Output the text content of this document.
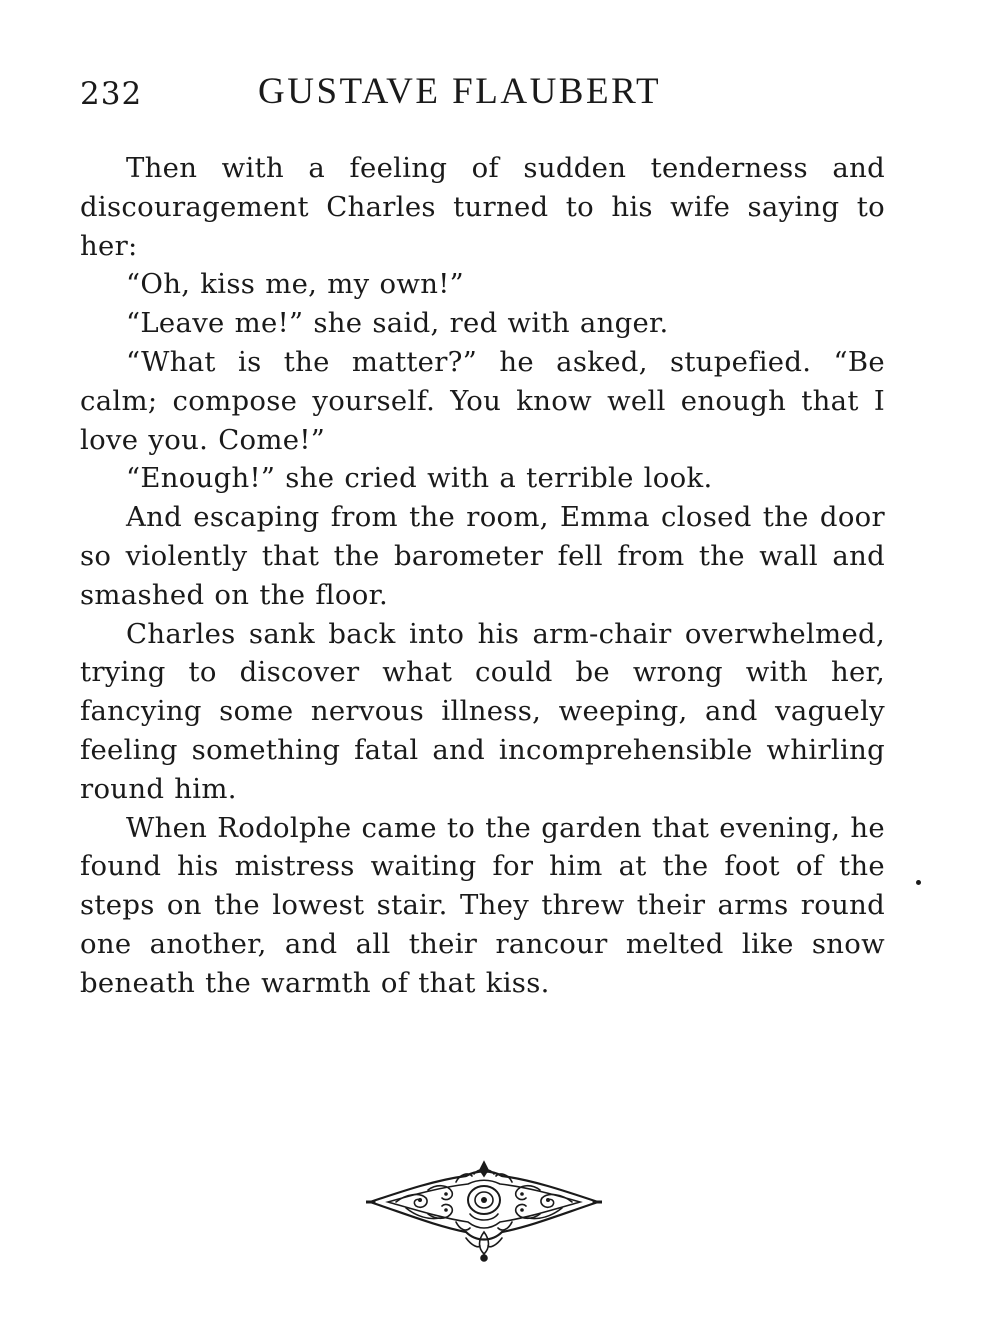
232	GUSTAVE FLAUBERT

Then with a feeling of sudden tenderness and discouragement Charles turned to his wife saying to her:

“Oh, kiss me, my own!”

“Leave me!” she said, red with anger.

“What is the matter?” he asked, stupefied. “Be calm; compose yourself. You know well enough that I love you. Come!”

“Enough!” she cried with a terrible look.

And escaping from the room, Emma closed the door so violently that the barometer fell from the wall and smashed on the floor.

Charles sank back into his arm-chair overwhelmed, trying to discover what could be wrong with her, fancying some nervous illness, weeping, and vaguely feeling something fatal and incomprehensible whirling round him.

When Rodolphe came to the garden that evening, he found his mistress waiting for him at the foot of the steps on the lowest stair. They threw their arms round one another, and all their rancour melted like snow beneath the warmth of that kiss.
